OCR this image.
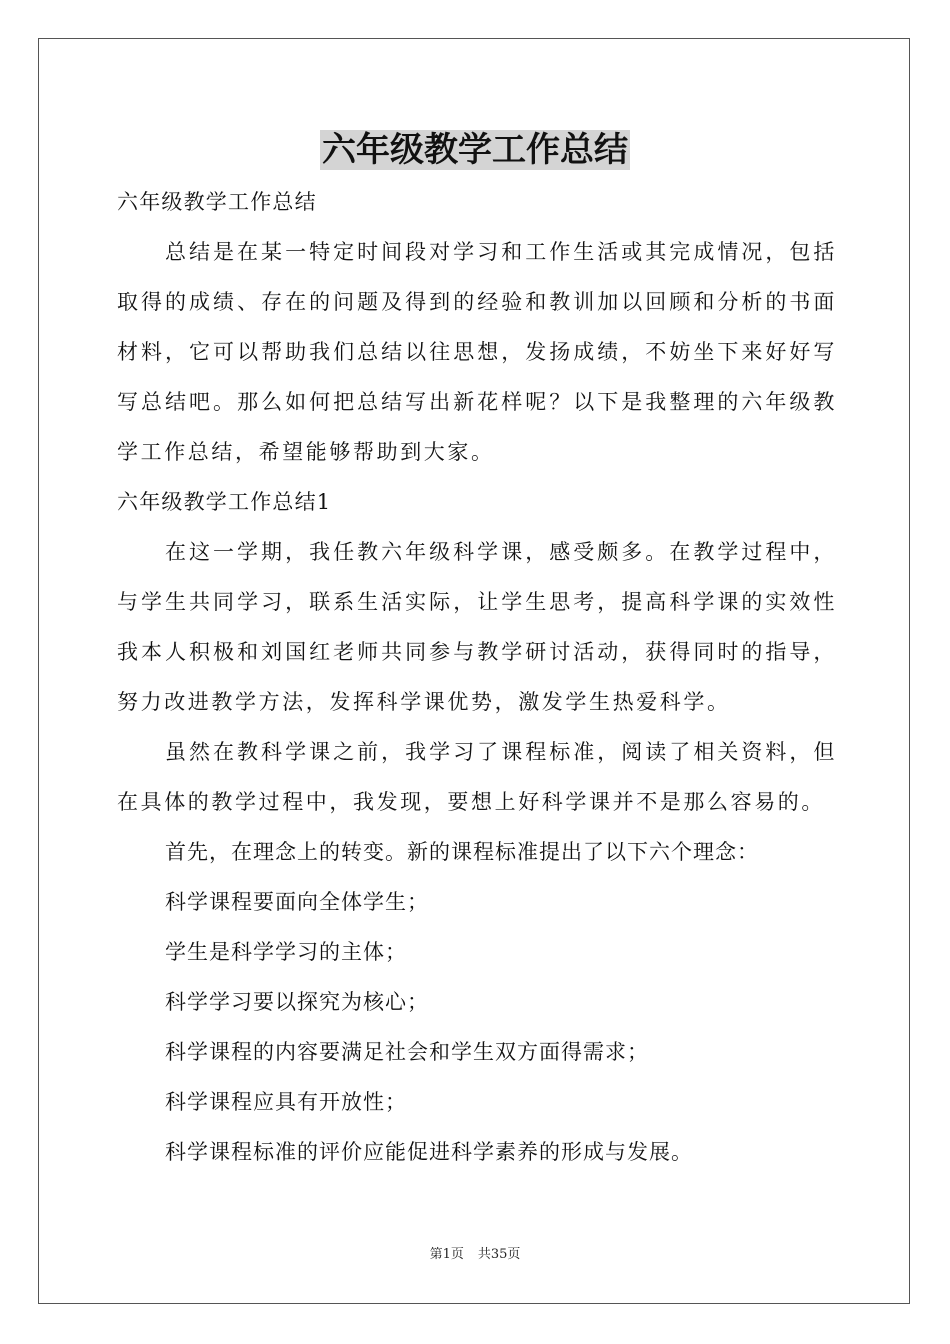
六年级教学工作总结

六年级教学工作总结

总结是在某一特定时间段对学习和工作生活或其完成情况，包括取得的成绩、存在的问题及得到的经验和教训加以回顾和分析的书面材料，它可以帮助我们总结以往思想，发扬成绩，不妨坐下来好好写写总结吧。那么如何把总结写出新花样呢？以下是我整理的六年级教学工作总结，希望能够帮助到大家。

六年级教学工作总结1

在这一学期，我任教六年级科学课，感受颇多。在教学过程中，与学生共同学习，联系生活实际，让学生思考，提高科学课的实效性我本人积极和刘国红老师共同参与教学研讨活动，获得同时的指导，努力改进教学方法，发挥科学课优势，激发学生热爱科学。

虽然在教科学课之前，我学习了课程标准，阅读了相关资料，但在具体的教学过程中，我发现，要想上好科学课并不是那么容易的。

首先，在理念上的转变。新的课程标准提出了以下六个理念：

科学课程要面向全体学生；

学生是科学学习的主体；

科学学习要以探究为核心；

科学课程的内容要满足社会和学生双方面得需求；

科学课程应具有开放性；

科学课程标准的评价应能促进科学素养的形成与发展。

第1页 共35页
